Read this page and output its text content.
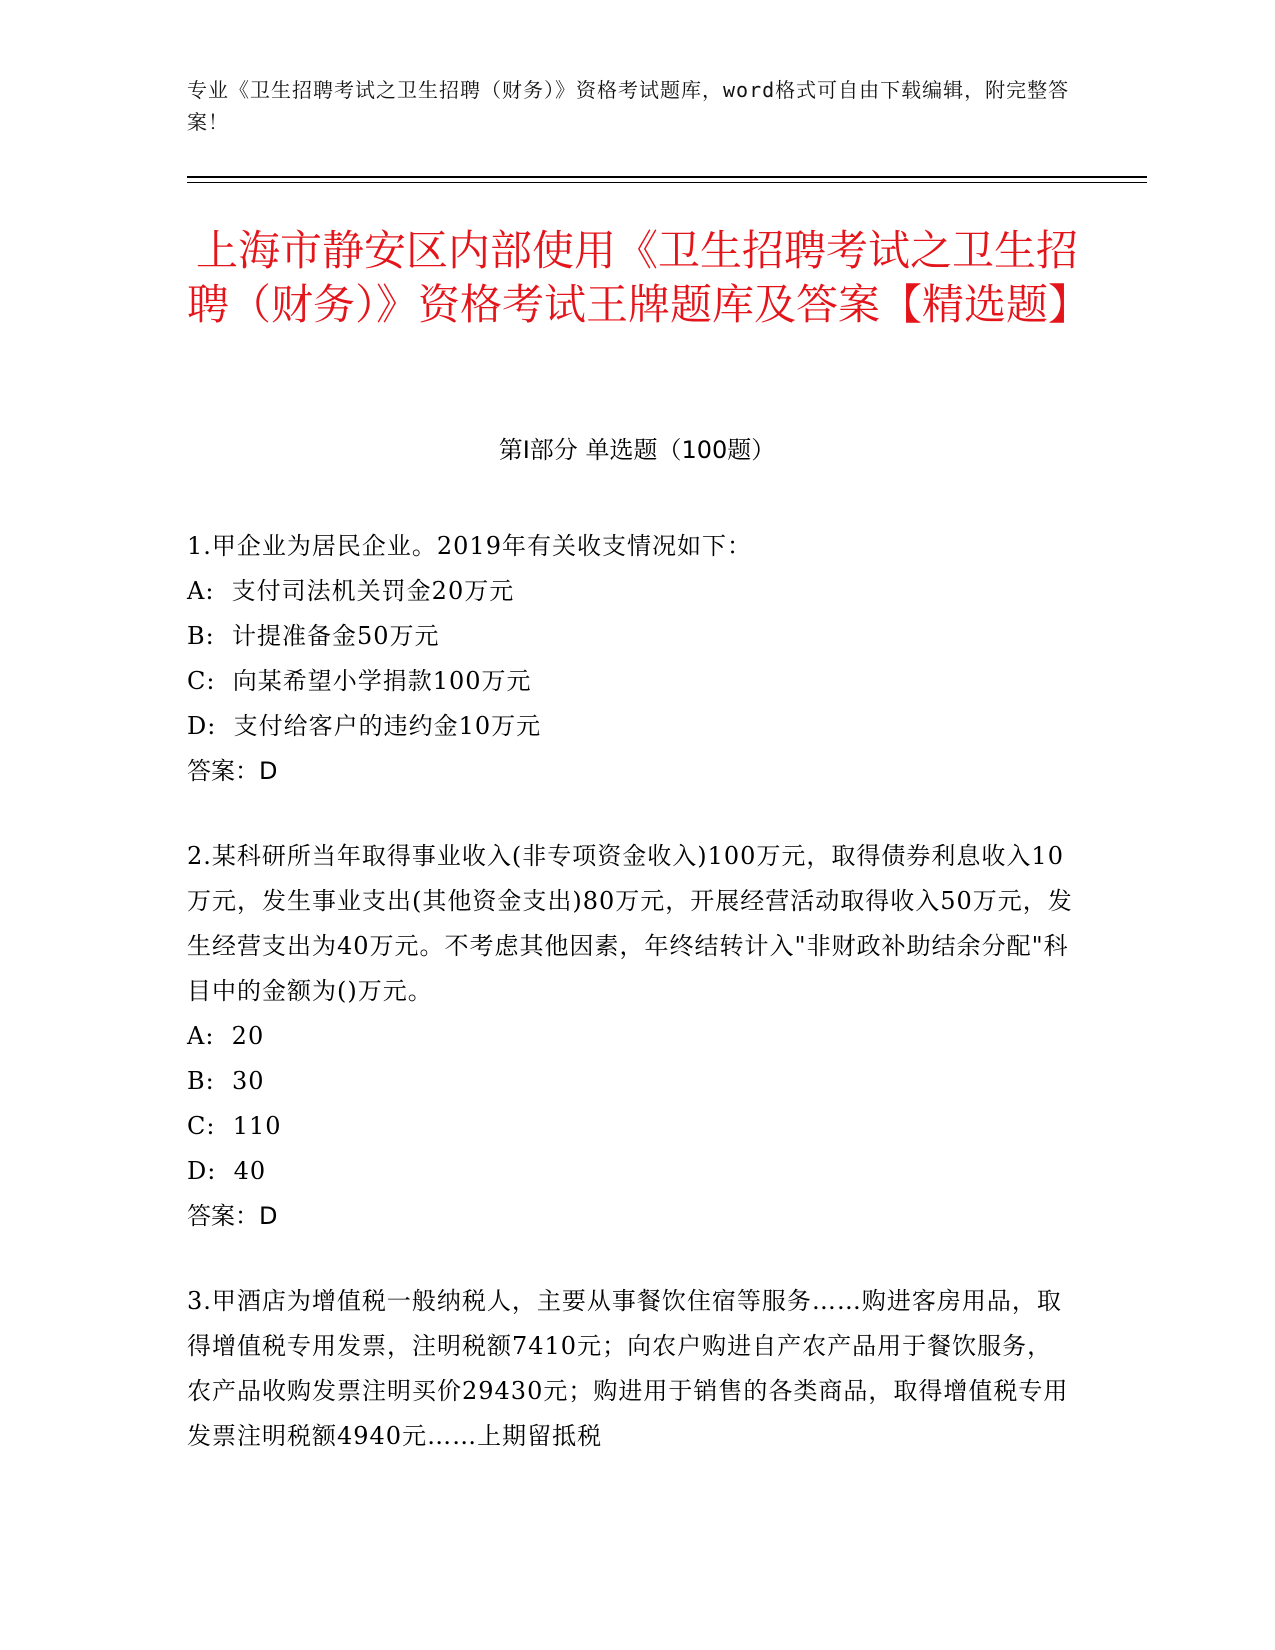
专业《卫生招聘考试之卫生招聘（财务）》资格考试题库，word格式可自由下载编辑，附完整答案！
上海市静安区内部使用《卫生招聘考试之卫生招聘（财务）》资格考试王牌题库及答案【精选题】
第Ⅰ部分 单选题（100题）

1.甲企业为居民企业。2019年有关收支情况如下：

A:  支付司法机关罚金20万元

B:  计提准备金50万元

C:  向某希望小学捐款100万元

D:  支付给客户的违约金10万元

答案：D

2.某科研所当年取得事业收入(非专项资金收入)100万元，取得债券利息收入10万元，发生事业支出(其他资金支出)80万元，开展经营活动取得收入50万元，发生经营支出为40万元。不考虑其他因素，年终结转计入"非财政补助结余分配"科目中的金额为()万元。

A:  20

B:  30

C:  110

D:  40

答案：D

3.甲酒店为增值税一般纳税人，主要从事餐饮住宿等服务……购进客房用品，取得增值税专用发票，注明税额7410元；向农户购进自产农产品用于餐饮服务，农产品收购发票注明买价29430元；购进用于销售的各类商品，取得增值税专用发票注明税额4940元……上期留抵税
